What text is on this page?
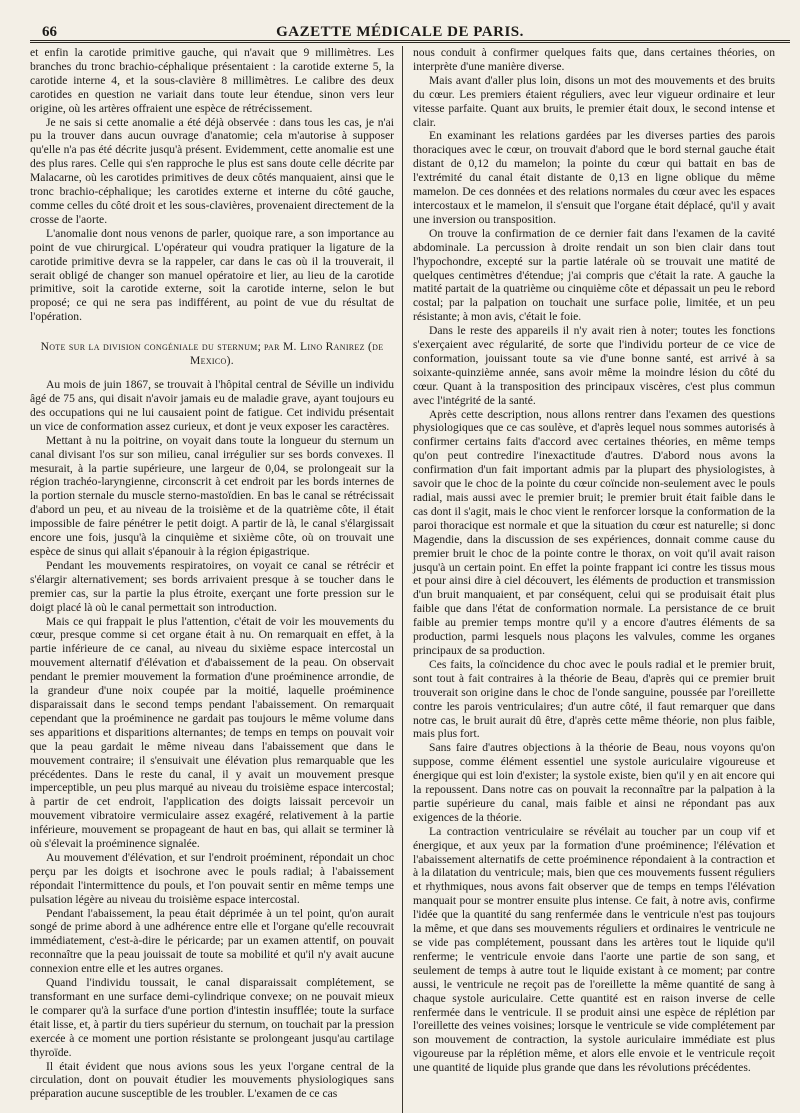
66	GAZETTE MÉDICALE DE PARIS.

et enfin la carotide primitive gauche, qui n'avait que 9 millimètres. Les branches du tronc brachio-céphalique présentaient : la carotide externe 5, la carotide interne 4, et la sous-clavière 8 millimètres. Le calibre des deux carotides en question ne variait dans toute leur étendue, sinon vers leur origine, où les artères offraient une espèce de rétrécissement.

Je ne sais si cette anomalie a été déjà observée : dans tous les cas, je n'ai pu la trouver dans aucun ouvrage d'anatomie; cela m'autorise à supposer qu'elle n'a pas été décrite jusqu'à présent. Evidemment, cette anomalie est une des plus rares. Celle qui s'en rapproche le plus est sans doute celle décrite par Malacarne, où les carotides primitives de deux côtés manquaient, ainsi que le tronc brachio-céphalique; les carotides externe et interne du côté gauche, comme celles du côté droit et les sous-clavières, provenaient directement de la crosse de l'aorte.

L'anomalie dont nous venons de parler, quoique rare, a son importance au point de vue chirurgical. L'opérateur qui voudra pratiquer la ligature de la carotide primitive devra se la rappeler, car dans le cas où il la trouverait, il serait obligé de changer son manuel opératoire et lier, au lieu de la carotide primitive, soit la carotide externe, soit la carotide interne, selon le but proposé; ce qui ne sera pas indifférent, au point de vue du résultat de l'opération.

Note sur la division congéniale du sternum; par M. Lino Ranirez (de Mexico).

Au mois de juin 1867, se trouvait à l'hôpital central de Séville un individu âgé de 75 ans, qui disait n'avoir jamais eu de maladie grave, ayant toujours eu des occupations qui ne lui causaient point de fatigue. Cet individu présentait un vice de conformation assez curieux, et dont je veux exposer les caractères.

Mettant à nu la poitrine, on voyait dans toute la longueur du sternum un canal divisant l'os sur son milieu, canal irrégulier sur ses bords convexes. Il mesurait, à la partie supérieure, une largeur de 0,04, se prolongeait sur la région trachéo-laryngienne, circonscrit à cet endroit par les bords internes de la portion sternale du muscle sterno-mastoïdien. En bas le canal se rétrécissait d'abord un peu, et au niveau de la troisième et de la quatrième côte, il était impossible de faire pénétrer le petit doigt. A partir de là, le canal s'élargissait encore une fois, jusqu'à la cinquième et sixième côte, où on trouvait une espèce de sinus qui allait s'épanouir à la région épigastrique.

Pendant les mouvements respiratoires, on voyait ce canal se rétrécir et s'élargir alternativement; ses bords arrivaient presque à se toucher dans le premier cas, sur la partie la plus étroite, exerçant une forte pression sur le doigt placé là où le canal permettait son introduction.

Mais ce qui frappait le plus l'attention, c'était de voir les mouvements du cœur, presque comme si cet organe était à nu. On remarquait en effet, à la partie inférieure de ce canal, au niveau du sixième espace intercostal un mouvement alternatif d'élévation et d'abaissement de la peau. On observait pendant le premier mouvement la formation d'une proéminence arrondie, de la grandeur d'une noix coupée par la moitié, laquelle proéminence disparaissait dans le second temps pendant l'abaissement. On remarquait cependant que la proéminence ne gardait pas toujours le même volume dans ses apparitions et disparitions alternantes; de temps en temps on pouvait voir que la peau gardait le même niveau dans l'abaissement que dans le mouvement contraire; il s'ensuivait une élévation plus remarquable que les précédentes. Dans le reste du canal, il y avait un mouvement presque imperceptible, un peu plus marqué au niveau du troisième espace intercostal; à partir de cet endroit, l'application des doigts laissait percevoir un mouvement vibratoire vermiculaire assez exagéré, relativement à la partie inférieure, mouvement se propageant de haut en bas, qui allait se terminer là où s'élevait la proéminence signalée.

Au mouvement d'élévation, et sur l'endroit proéminent, répondait un choc perçu par les doigts et isochrone avec le pouls radial; à l'abaissement répondait l'intermittence du pouls, et l'on pouvait sentir en même temps une pulsation légère au niveau du troisième espace intercostal.

Pendant l'abaissement, la peau était déprimée à un tel point, qu'on aurait songé de prime abord à une adhérence entre elle et l'organe qu'elle recouvrait immédiatement, c'est-à-dire le péricarde; par un examen attentif, on pouvait reconnaître que la peau jouissait de toute sa mobilité et qu'il n'y avait aucune connexion entre elle et les autres organes.

Quand l'individu toussait, le canal disparaissait complétement, se transformant en une surface demi-cylindrique convexe; on ne pouvait mieux le comparer qu'à la surface d'une portion d'intestin insufflée; toute la surface était lisse, et, à partir du tiers supérieur du sternum, on touchait par la pression exercée à ce moment une portion résistante se prolongeant jusqu'au cartilage thyroïde.

Il était évident que nous avions sous les yeux l'organe central de la circulation, dont on pouvait étudier les mouvements physiologiques sans préparation aucune susceptible de les troubler. L'examen de ce cas

nous conduit à confirmer quelques faits que, dans certaines théories, on interprète d'une manière diverse.

Mais avant d'aller plus loin, disons un mot des mouvements et des bruits du cœur. Les premiers étaient réguliers, avec leur vigueur ordinaire et leur vitesse parfaite. Quant aux bruits, le premier était doux, le second intense et clair.

En examinant les relations gardées par les diverses parties des parois thoraciques avec le cœur, on trouvait d'abord que le bord sternal gauche était distant de 0,12 du mamelon; la pointe du cœur qui battait en bas de l'extrémité du canal était distante de 0,13 en ligne oblique du même mamelon. De ces données et des relations normales du cœur avec les espaces intercostaux et le mamelon, il s'ensuit que l'organe était déplacé, qu'il y avait une inversion ou transposition.

On trouve la confirmation de ce dernier fait dans l'examen de la cavité abdominale. La percussion à droite rendait un son bien clair dans tout l'hypochondre, excepté sur la partie latérale où se trouvait une matité de quelques centimètres d'étendue; j'ai compris que c'était la rate. A gauche la matité partait de la quatrième ou cinquième côte et dépassait un peu le rebord costal; par la palpation on touchait une surface polie, limitée, et un peu résistante; à mon avis, c'était le foie.

Dans le reste des appareils il n'y avait rien à noter; toutes les fonctions s'exerçaient avec régularité, de sorte que l'individu porteur de ce vice de conformation, jouissant toute sa vie d'une bonne santé, est arrivé à sa soixante-quinzième année, sans avoir même la moindre lésion du côté du cœur. Quant à la transposition des principaux viscères, c'est plus commun avec l'intégrité de la santé.

Après cette description, nous allons rentrer dans l'examen des questions physiologiques que ce cas soulève, et d'après lequel nous sommes autorisés à confirmer certains faits d'accord avec certaines théories, en même temps qu'on peut contredire l'inexactitude d'autres. D'abord nous avons la confirmation d'un fait important admis par la plupart des physiologistes, à savoir que le choc de la pointe du cœur coïncide non-seulement avec le pouls radial, mais aussi avec le premier bruit; le premier bruit était faible dans le cas dont il s'agit, mais le choc vient le renforcer lorsque la conformation de la paroi thoracique est normale et que la situation du cœur est naturelle; si donc Magendie, dans la discussion de ses expériences, donnait comme cause du premier bruit le choc de la pointe contre le thorax, on voit qu'il avait raison jusqu'à un certain point. En effet la pointe frappant ici contre les tissus mous et pour ainsi dire à ciel découvert, les éléments de production et transmission d'un bruit manquaient, et par conséquent, celui qui se produisait était plus faible que dans l'état de conformation normale. La persistance de ce bruit faible au premier temps montre qu'il y a encore d'autres éléments de sa production, parmi lesquels nous plaçons les valvules, comme les organes principaux de sa production.

Ces faits, la coïncidence du choc avec le pouls radial et le premier bruit, sont tout à fait contraires à la théorie de Beau, d'après qui ce premier bruit trouverait son origine dans le choc de l'onde sanguine, poussée par l'oreillette contre les parois ventriculaires; d'un autre côté, il faut remarquer que dans notre cas, le bruit aurait dû être, d'après cette même théorie, non plus faible, mais plus fort.

Sans faire d'autres objections à la théorie de Beau, nous voyons qu'on suppose, comme élément essentiel une systole auriculaire vigoureuse et énergique qui est loin d'exister; la systole existe, bien qu'il y en ait encore qui la repoussent. Dans notre cas on pouvait la reconnaître par la palpation à la partie supérieure du canal, mais faible et ainsi ne répondant pas aux exigences de la théorie.

La contraction ventriculaire se révélait au toucher par un coup vif et énergique, et aux yeux par la formation d'une proéminence; l'élévation et l'abaissement alternatifs de cette proéminence répondaient à la contraction et à la dilatation du ventricule; mais, bien que ces mouvements fussent réguliers et rhythmiques, nous avons fait observer que de temps en temps l'élévation manquait pour se montrer ensuite plus intense. Ce fait, à notre avis, confirme l'idée que la quantité du sang renfermée dans le ventricule n'est pas toujours la même, et que dans ses mouvements réguliers et ordinaires le ventricule ne se vide pas complétement, poussant dans les artères tout le liquide qu'il renferme; le ventricule envoie dans l'aorte une partie de son sang, et seulement de temps à autre tout le liquide existant à ce moment; par contre aussi, le ventricule ne reçoit pas de l'oreillette la même quantité de sang à chaque systole auriculaire. Cette quantité est en raison inverse de celle renfermée dans le ventricule. Il se produit ainsi une espèce de réplétion par l'oreillette des veines voisines; lorsque le ventricule se vide complétement par son mouvement de contraction, la systole auriculaire immédiate est plus vigoureuse par la réplétion même, et alors elle envoie et le ventricule reçoit une quantité de liquide plus grande que dans les révolutions précédentes.
